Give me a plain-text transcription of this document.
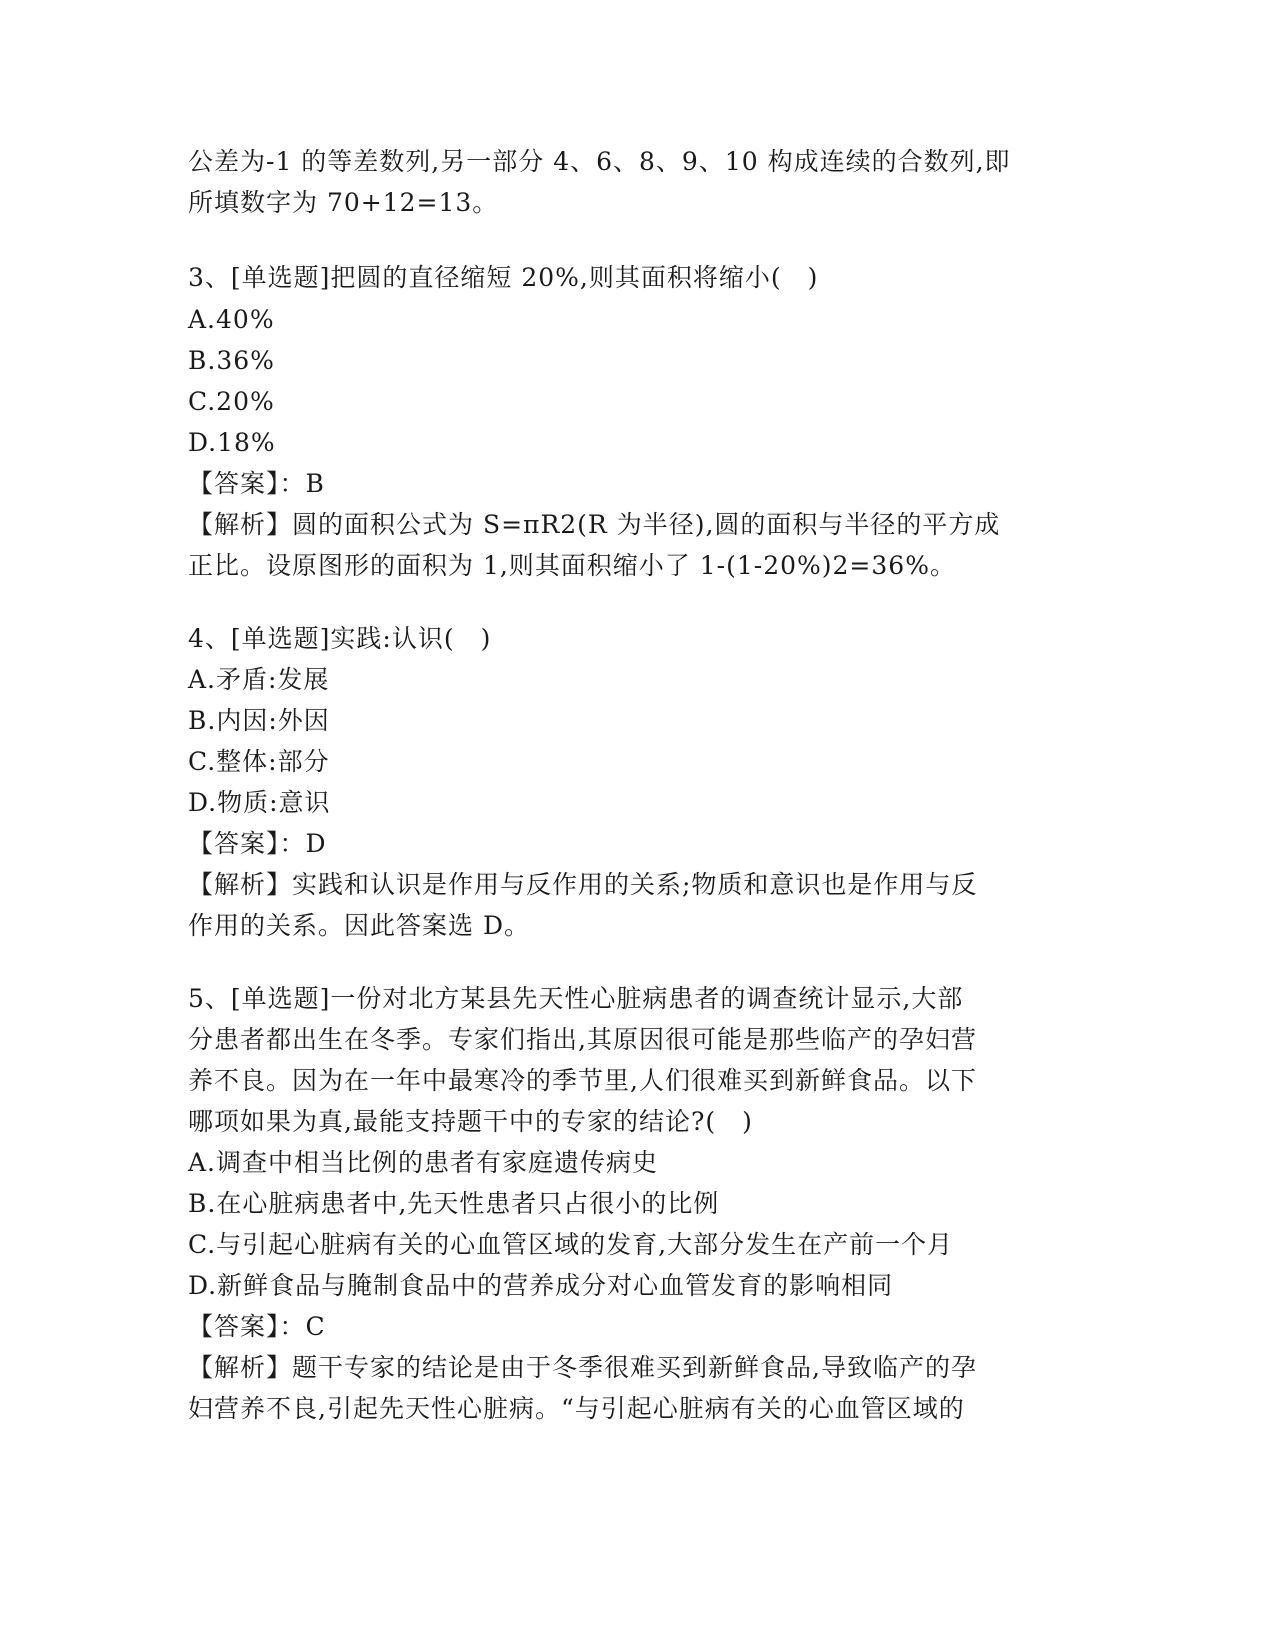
公差为-1 的等差数列,另一部分 4、6、8、9、10 构成连续的合数列,即
所填数字为 70+12=13。
3、[单选题]把圆的直径缩短 20%,则其面积将缩小(　)
A.40%
B.36%
C.20%
D.18%
【答案】：B
【解析】圆的面积公式为 S=πR2(R 为半径),圆的面积与半径的平方成
正比。设原图形的面积为 1,则其面积缩小了 1-(1-20%)2=36%。
4、[单选题]实践:认识(　)
A.矛盾:发展
B.内因:外因
C.整体:部分
D.物质:意识
【答案】：D
【解析】实践和认识是作用与反作用的关系;物质和意识也是作用与反
作用的关系。因此答案选 D。
5、[单选题]一份对北方某县先天性心脏病患者的调查统计显示,大部
分患者都出生在冬季。专家们指出,其原因很可能是那些临产的孕妇营
养不良。因为在一年中最寒冷的季节里,人们很难买到新鲜食品。以下
哪项如果为真,最能支持题干中的专家的结论?(　)
A.调查中相当比例的患者有家庭遗传病史
B.在心脏病患者中,先天性患者只占很小的比例
C.与引起心脏病有关的心血管区域的发育,大部分发生在产前一个月
D.新鲜食品与腌制食品中的营养成分对心血管发育的影响相同
【答案】：C
【解析】题干专家的结论是由于冬季很难买到新鲜食品,导致临产的孕
妇营养不良,引起先天性心脏病。“与引起心脏病有关的心血管区域的
